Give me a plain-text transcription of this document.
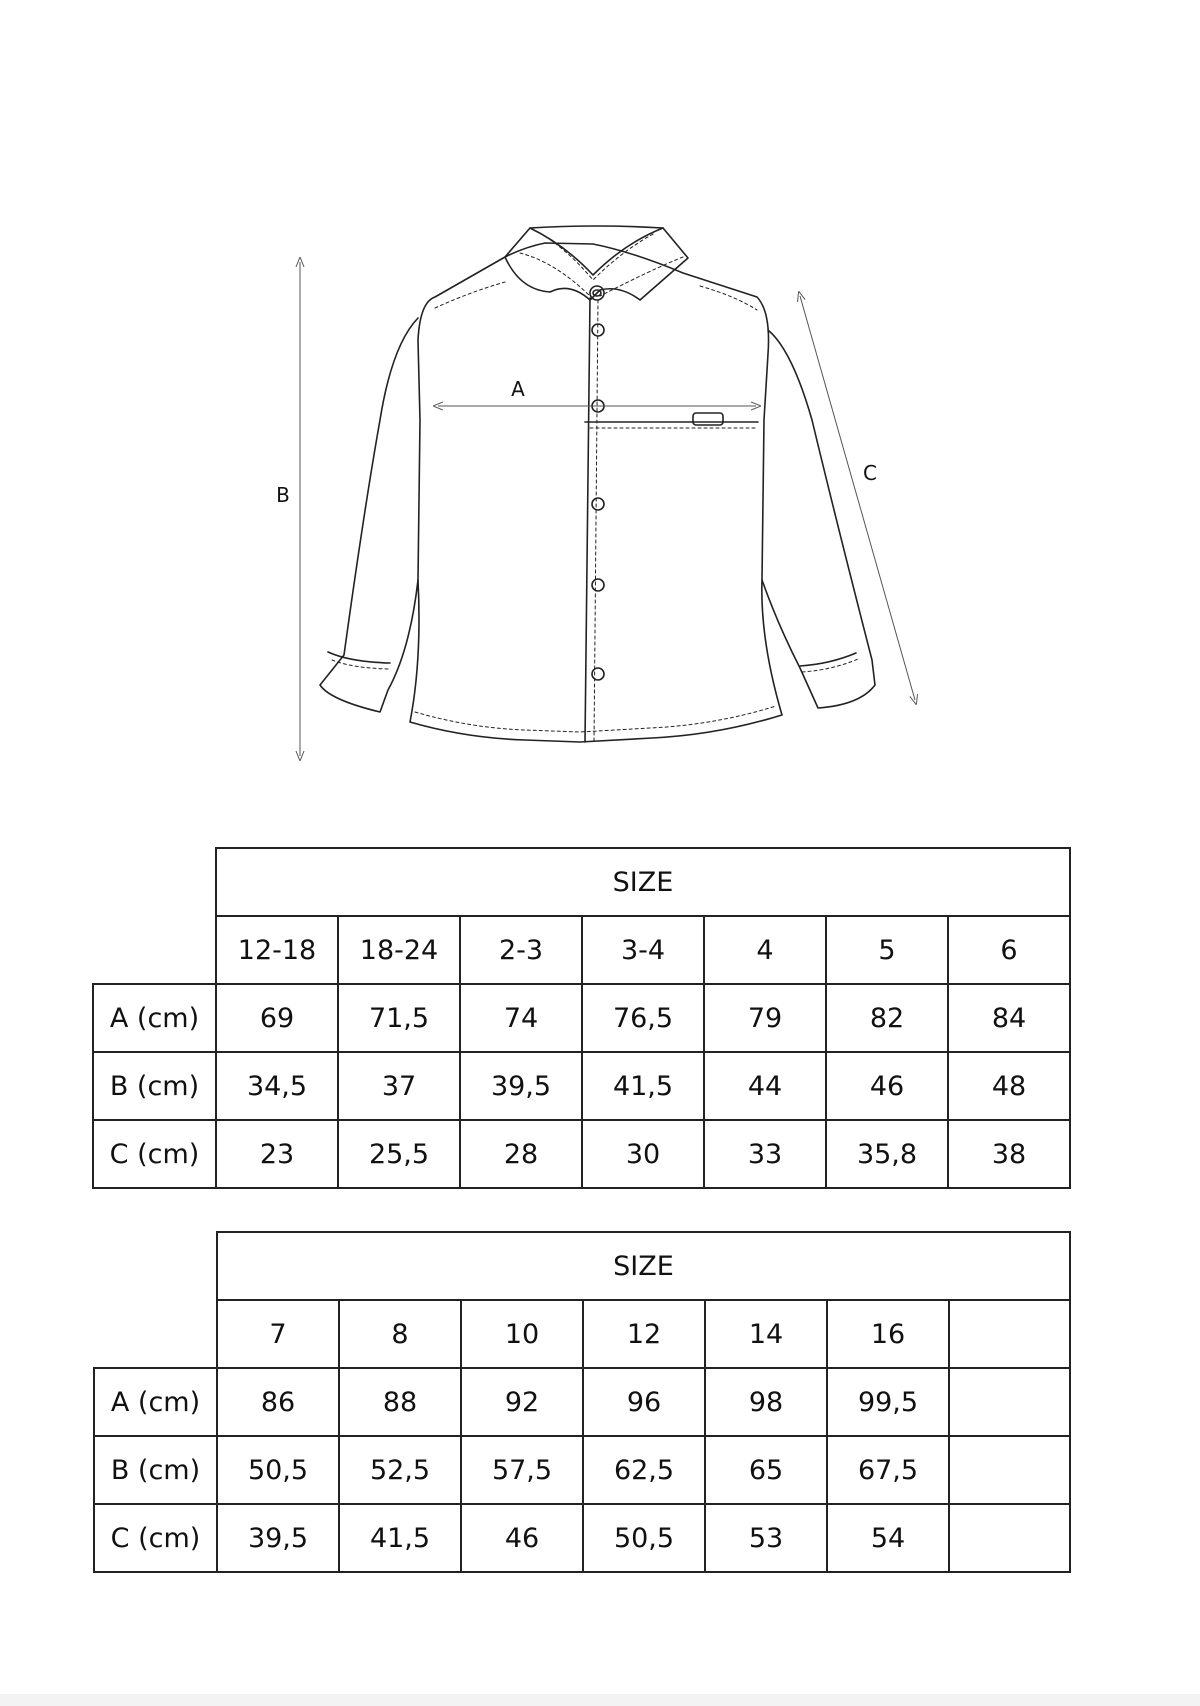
A
B
C
	SIZE						
	12-18	18-24	2-3	3-4	4	5	6
A (cm)	69	71,5	74	76,5	79	82	84
B (cm)	34,5	37	39,5	41,5	44	46	48
C (cm)	23	25,5	28	30	33	35,8	38
	SIZE						
	7	8	10	12	14	16	
A (cm)	86	88	92	96	98	99,5	
B (cm)	50,5	52,5	57,5	62,5	65	67,5	
C (cm)	39,5	41,5	46	50,5	53	54	
